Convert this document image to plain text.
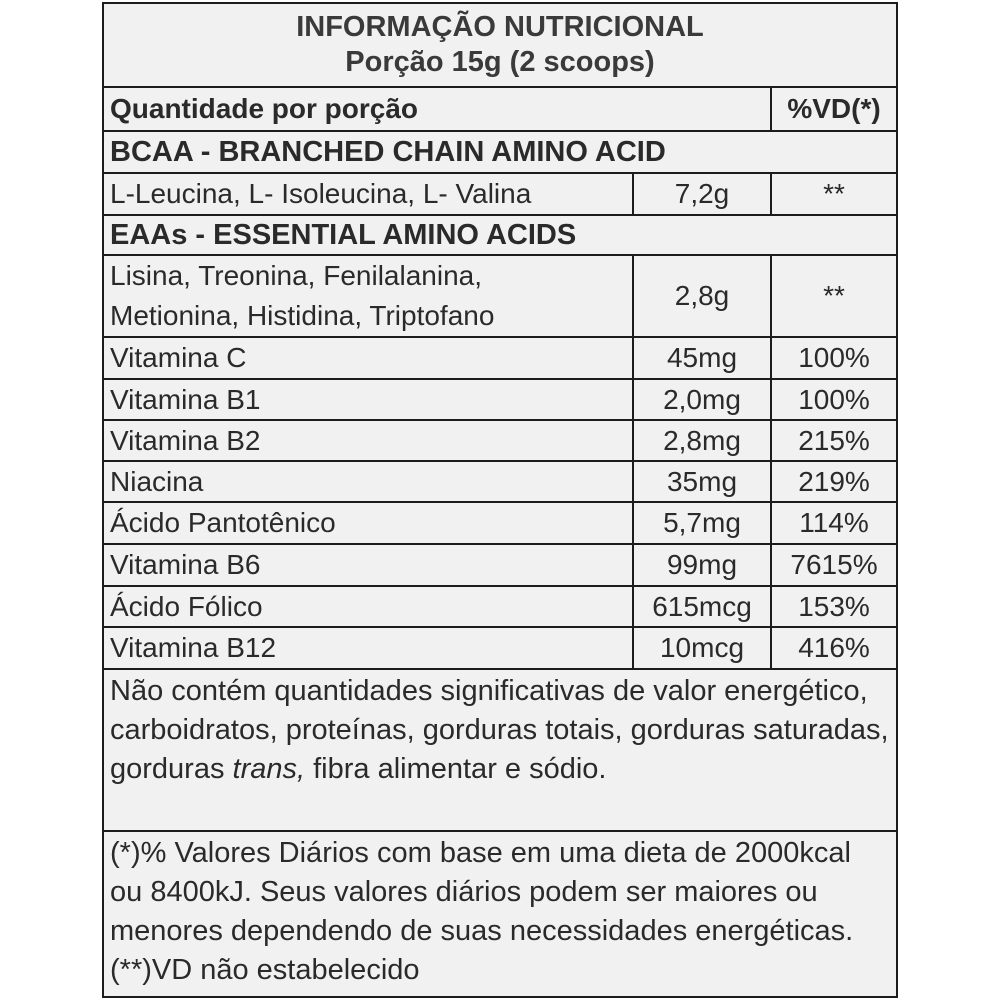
INFORMAÇÃO NUTRICIONAL
Porção 15g (2 scoops)
Quantidade por porção	%VD(*)
BCAA - BRANCHED CHAIN AMINO ACID
L-Leucina, L- Isoleucina, L- Valina	7,2g	**
EAAs - ESSENTIAL AMINO ACIDS
Lisina, Treonina, Fenilalanina,
Metionina, Histidina, Triptofano
2,8g	**
Vitamina C	45mg	100%
Vitamina B1	2,0mg	100%
Vitamina B2	2,8mg	215%
Niacina	35mg	219%
Ácido Pantotênico	5,7mg	114%
Vitamina B6	99mg	7615%
Ácido Fólico	615mcg	153%
Vitamina B12	10mcg	416%
Não contém quantidades significativas de valor energético, carboidratos, proteínas, gorduras totais, gorduras saturadas, gorduras trans, fibra alimentar e sódio.
(*)% Valores Diários com base em uma dieta de 2000kcal ou 8400kJ. Seus valores diários podem ser maiores ou menores dependendo de suas necessidades energéticas. (**)VD não estabelecido
